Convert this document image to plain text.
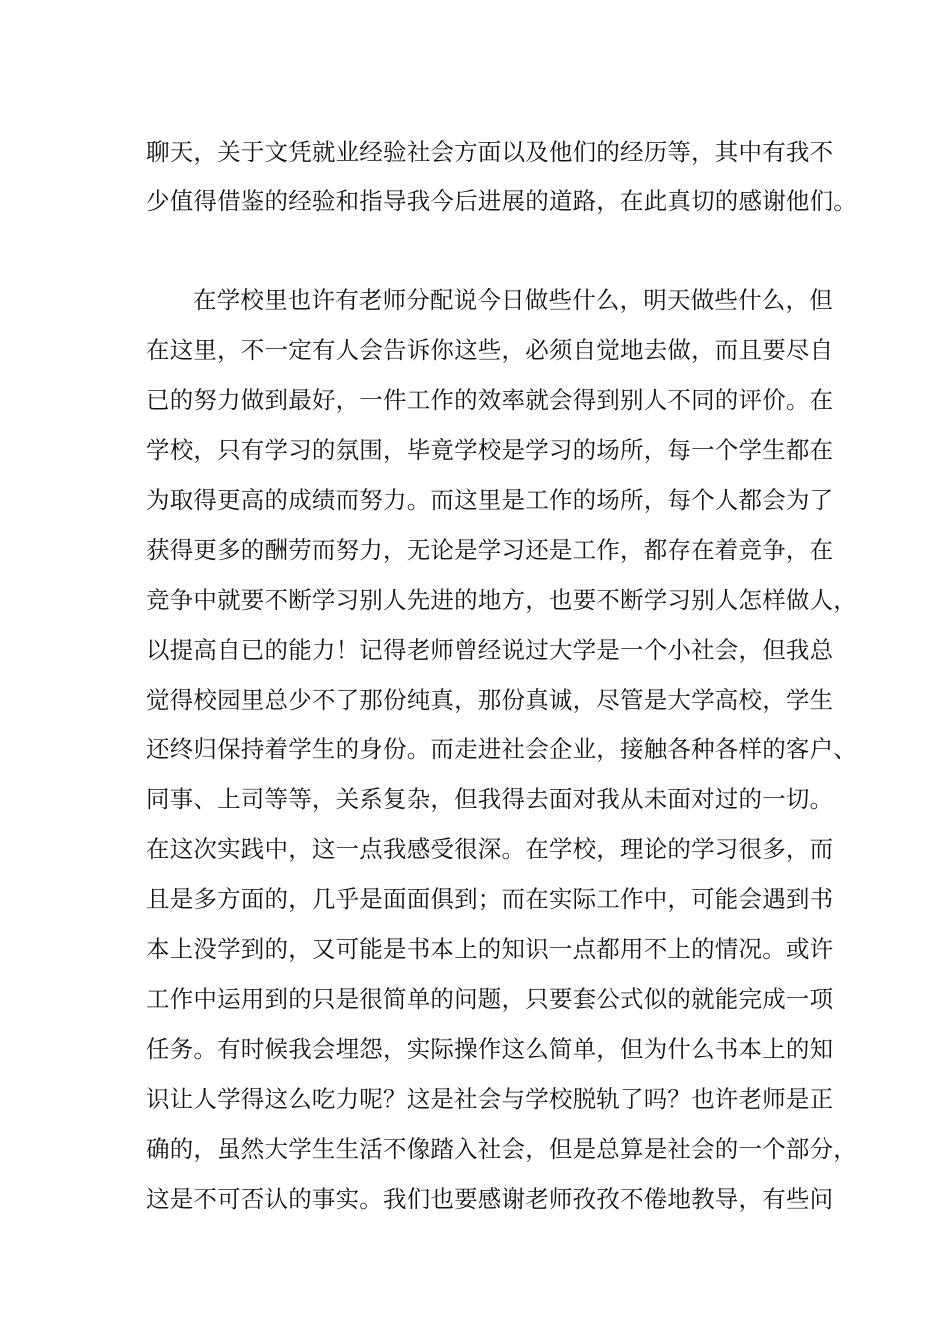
聊天，关于文凭就业经验社会方面以及他们的经历等，其中有我不
少值得借鉴的经验和指导我今后进展的道路，在此真切的感谢他们。
在学校里也许有老师分配说今日做些什么，明天做些什么，但
在这里，不一定有人会告诉你这些，必须自觉地去做，而且要尽自
已的努力做到最好，一件工作的效率就会得到别人不同的评价。在
学校，只有学习的氛围，毕竟学校是学习的场所，每一个学生都在
为取得更高的成绩而努力。而这里是工作的场所，每个人都会为了
获得更多的酬劳而努力，无论是学习还是工作，都存在着竞争，在
竞争中就要不断学习别人先进的地方，也要不断学习别人怎样做人，
以提高自已的能力！记得老师曾经说过大学是一个小社会，但我总
觉得校园里总少不了那份纯真，那份真诚，尽管是大学高校，学生
还终归保持着学生的身份。而走进社会企业，接触各种各样的客户、
同事、上司等等，关系复杂，但我得去面对我从未面对过的一切。
在这次实践中，这一点我感受很深。在学校，理论的学习很多，而
且是多方面的，几乎是面面俱到；而在实际工作中，可能会遇到书
本上没学到的，又可能是书本上的知识一点都用不上的情况。或许
工作中运用到的只是很简单的问题，只要套公式似的就能完成一项
任务。有时候我会埋怨，实际操作这么简单，但为什么书本上的知
识让人学得这么吃力呢？这是社会与学校脱轨了吗？也许老师是正
确的，虽然大学生生活不像踏入社会，但是总算是社会的一个部分，
这是不可否认的事实。我们也要感谢老师孜孜不倦地教导，有些问
